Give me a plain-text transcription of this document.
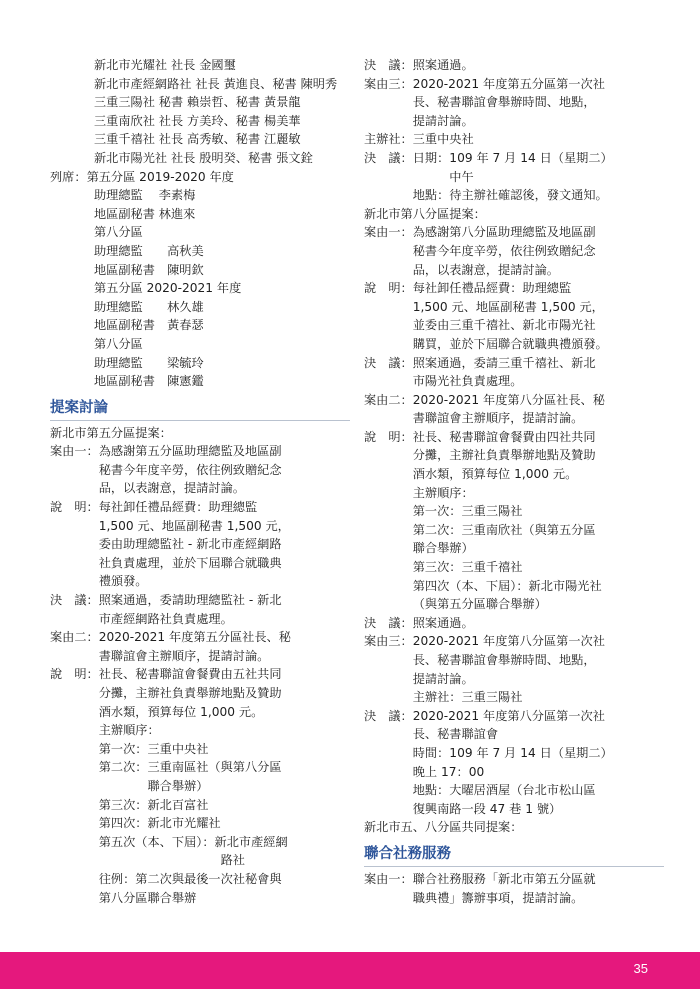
新北市光耀社 社長 金國璽
新北市產經網路社 社長 黃進良、秘書 陳明秀
三重三陽社 秘書 賴崇哲、秘書 黃景龍
三重南欣社 社長 方美玲、秘書 楊美華
三重千禧社 社長 高秀敏、秘書 江麗敏
新北市陽光社 社長 殷明癸、秘書 張文銓
列席： 第五分區 2019-2020 年度
助理總監　 李素梅
地區副秘書 林進來
第八分區
助理總監　　高秋美
地區副秘書　陳明欽
第五分區 2020-2021 年度
助理總監　　林久雄
地區副秘書　黃春瑟
第八分區
助理總監　　梁毓玲
地區副秘書　陳憲鑑
提案討論
新北市第五分區提案：
案由一： 為感謝第五分區助理總監及地區副
秘書今年度辛勞，依往例致贈紀念
品，以表謝意，提請討論。
說　明： 每社卸任禮品經費：助理總監
1,500 元、地區副秘書 1,500 元，
委由助理總監社 - 新北市產經網路
社負責處理，並於下屆聯合就職典
禮頒發。
決　議： 照案通過，委請助理總監社 - 新北
市產經網路社負責處理。
案由二： 2020-2021 年度第五分區社長、秘
書聯誼會主辦順序，提請討論。
說　明： 社長、秘書聯誼會餐費由五社共同
分攤，主辦社負責舉辦地點及贊助
酒水類，預算每位 1,000 元。
主辦順序：
第一次：三重中央社
第二次：三重南區社（與第八分區
　　　　聯合舉辦）
第三次：新北百富社
第四次：新北市光耀社
第五次（本、下屆）：新北市產經網
　　　　　　　　　　路社
往例：第二次與最後一次社秘會與
第八分區聯合舉辦
決　議： 照案通過。
案由三： 2020-2021 年度第五分區第一次社
長、秘書聯誼會舉辦時間、地點，
提請討論。
主辦社： 三重中央社
決　議： 日期：109 年 7 月 14 日（星期二）
　　　中午
地點：待主辦社確認後，發文通知。
新北市第八分區提案：
案由一： 為感謝第八分區助理總監及地區副
秘書今年度辛勞，依往例致贈紀念
品，以表謝意，提請討論。
說　明： 每社卸任禮品經費：助理總監
1,500 元、地區副秘書 1,500 元，
並委由三重千禧社、新北市陽光社
購買，並於下屆聯合就職典禮頒發。
決　議： 照案通過，委請三重千禧社、新北
市陽光社負責處理。
案由二： 2020-2021 年度第八分區社長、秘
書聯誼會主辦順序，提請討論。
說　明： 社長、秘書聯誼會餐費由四社共同
分攤，主辦社負責舉辦地點及贊助
酒水類，預算每位 1,000 元。
主辦順序：
第一次：三重三陽社
第二次：三重南欣社（與第五分區
聯合舉辦）
第三次：三重千禧社
第四次（本、下屆）：新北市陽光社
（與第五分區聯合舉辦）
決　議： 照案通過。
案由三： 2020-2021 年度第八分區第一次社
長、秘書聯誼會舉辦時間、地點，
提請討論。
主辦社：三重三陽社
決　議： 2020-2021 年度第八分區第一次社
長、秘書聯誼會
時間：109 年 7 月 14 日（星期二）
晚上 17：00
地點：大曜居酒屋（台北市松山區
復興南路一段 47 巷 1 號）
新北市五、八分區共同提案：
聯合社務服務
案由一： 聯合社務服務「新北市第五分區就
職典禮」籌辦事項，提請討論。
35
